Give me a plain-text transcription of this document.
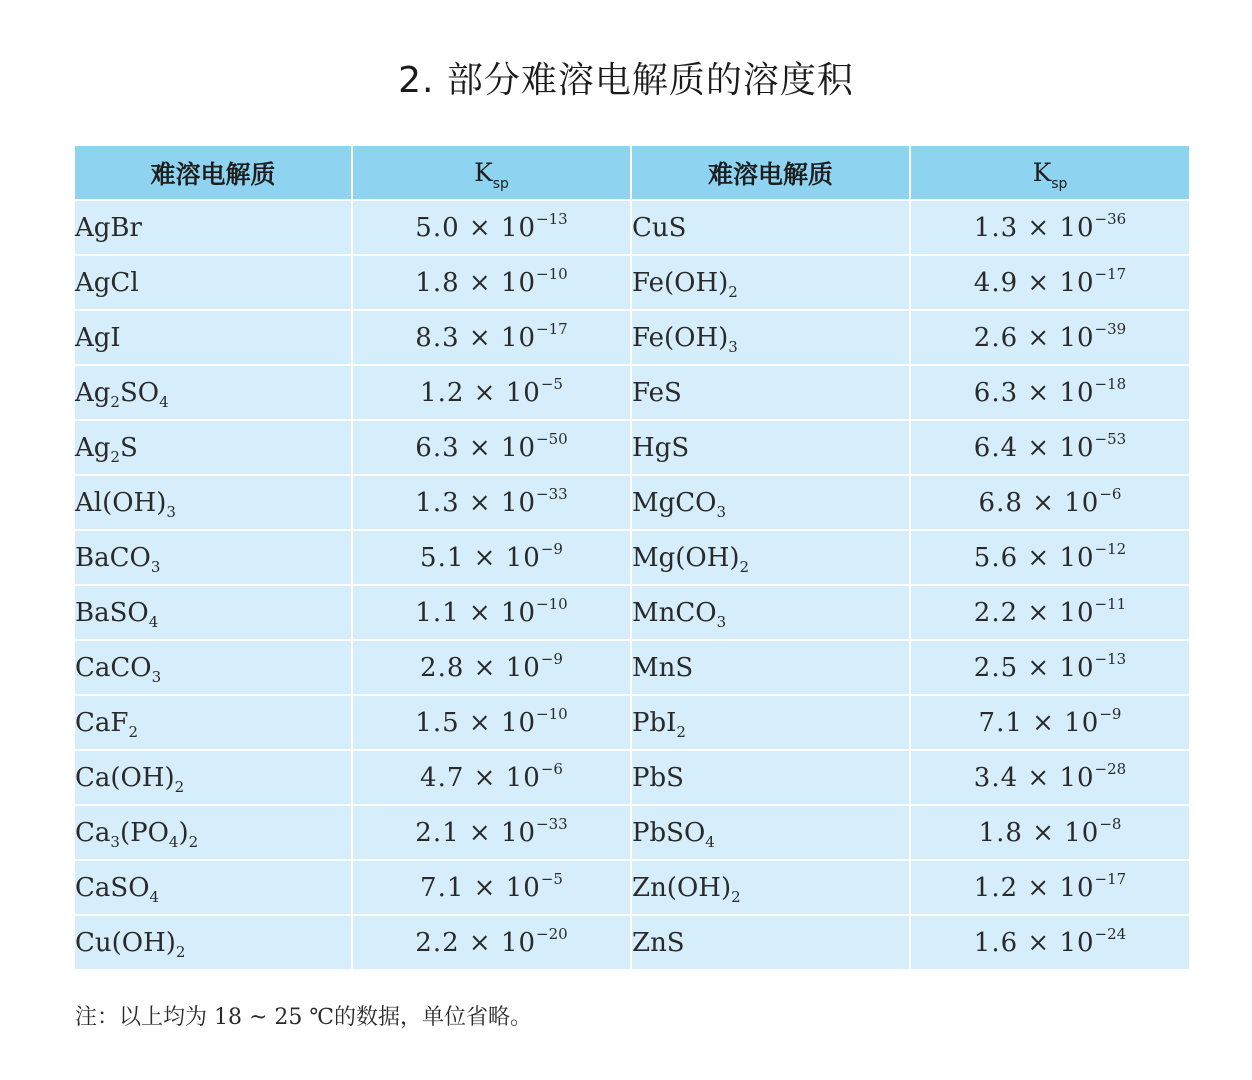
2. 部分难溶电解质的溶度积
难溶电解质	$K_{sp}$	难溶电解质	$K_{sp}$
AgBr	$5.0 \times 10^{-13}$	CuS	$1.3 \times 10^{-36}$
AgCl	$1.8 \times 10^{-10}$	$Fe(OH)_2$	$4.9 \times 10^{-17}$
AgI	$8.3 \times 10^{-17}$	$Fe(OH)_3$	$2.6 \times 10^{-39}$
$Ag_2SO_4$	$1.2 \times 10^{-5}$	FeS	$6.3 \times 10^{-18}$
$Ag_2S$	$6.3 \times 10^{-50}$	HgS	$6.4 \times 10^{-53}$
$Al(OH)_3$	$1.3 \times 10^{-33}$	MgCO$_3$	$6.8 \times 10^{-6}$
BaCO$_3$	$5.1 \times 10^{-9}$	$Mg(OH)_2$	$5.6 \times 10^{-12}$
BaSO$_4$	$1.1 \times 10^{-10}$	MnCO$_3$	$2.2 \times 10^{-11}$
CaCO$_3$	$2.8 \times 10^{-9}$	MnS	$2.5 \times 10^{-13}$
CaF$_2$	$1.5 \times 10^{-10}$	PbI$_2$	$7.1 \times 10^{-9}$
$Ca(OH)_2$	$4.7 \times 10^{-6}$	PbS	$3.4 \times 10^{-28}$
$Ca_3(PO_4)_2$	$2.1 \times 10^{-33}$	PbSO$_4$	$1.8 \times 10^{-8}$
CaSO$_4$	$7.1 \times 10^{-5}$	$Zn(OH)_2$	$1.2 \times 10^{-17}$
$Cu(OH)_2$	$2.2 \times 10^{-20}$	ZnS	$1.6 \times 10^{-24}$
注：以上均为 18 ~ 25 ℃的数据，单位省略。
